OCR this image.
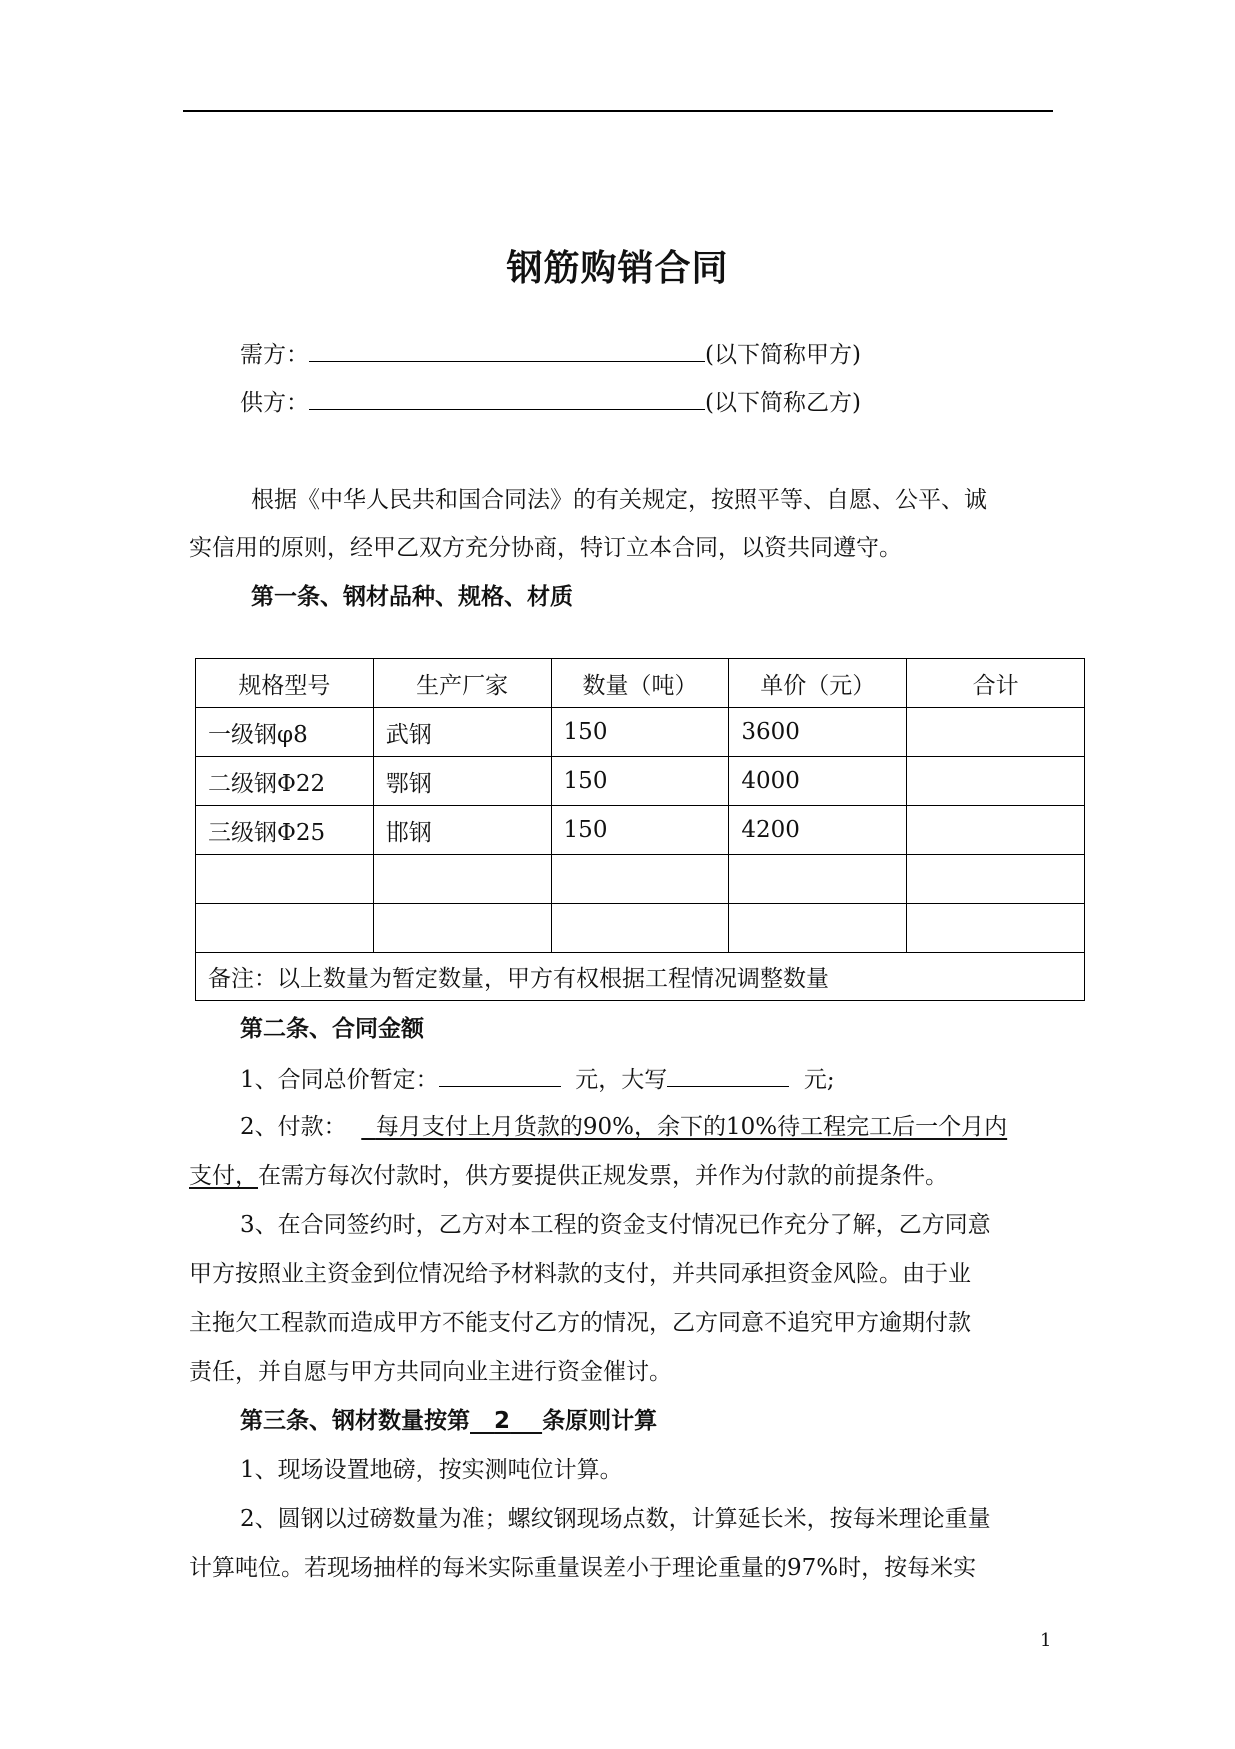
钢筋购销合同
需方：	(以下简称甲方)
供方：	(以下简称乙方)
根据《中华人民共和国合同法》的有关规定，按照平等、自愿、公平、诚
实信用的原则，经甲乙双方充分协商，特订立本合同，以资共同遵守。
第一条、钢材品种、规格、材质
规格型号	生产厂家	数量（吨）	单价（元）	合计
一级钢φ8	武钢	150	3600	
二级钢Φ22	鄂钢	150	4000	
三级钢Φ25	邯钢	150	4200	

备注：以上数量为暂定数量，甲方有权根据工程情况调整数量				
第二条、合同金额
1、合同总价暂定：	元，大写	元;
2、付款： 每月支付上月货款的90%，余下的10%待工程完工后一个月内
支付，在需方每次付款时，供方要提供正规发票，并作为付款的前提条件。
3、在合同签约时，乙方对本工程的资金支付情况已作充分了解，乙方同意
甲方按照业主资金到位情况给予材料款的支付，并共同承担资金风险。由于业
主拖欠工程款而造成甲方不能支付乙方的情况，乙方同意不追究甲方逾期付款
责任，并自愿与甲方共同向业主进行资金催讨。
第三条、钢材数量按第 2 条原则计算
1、现场设置地磅，按实测吨位计算。
2、圆钢以过磅数量为准；螺纹钢现场点数，计算延长米，按每米理论重量
计算吨位。若现场抽样的每米实际重量误差小于理论重量的97%时，按每米实
1
